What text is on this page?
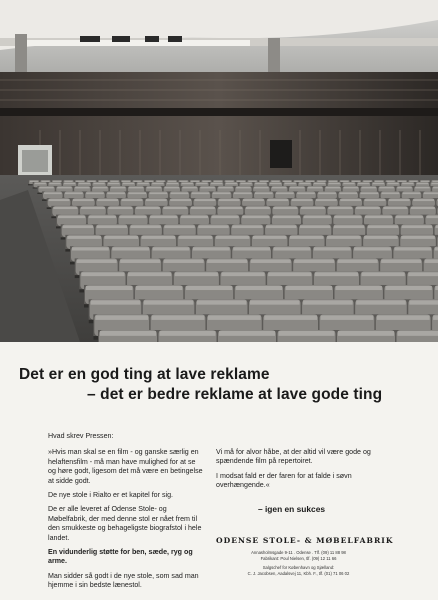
Det er en god ting at lave reklame
– det er bedre reklame at lave gode ting

Hvad skrev Pressen:

»Hvis man skal se en film - og ganske særlig en helaftensfilm - må man have mulighed for at se og høre godt, ligesom det må være en betingelse at sidde godt.

De nye stole i Rialto er et kapitel for sig.

De er alle leveret af Odense Stole- og Møbelfabrik, der med denne stol er nået frem til den smukkeste og behageligste biografstol i hele landet.

En vidunderlig støtte for ben, sæde, ryg og arme.

Man sidder så godt i de nye stole, som sad man hjemme i sin bedste lænestol.

Vi må for alvor håbe, at der altid vil være gode og spændende film på repertoiret.

I modsat fald er der faren for at falde i søvn overhængende.«

– igen en sukces
ODENSE STOLE- & MØBELFABRIK
Annasholmsgade 9-11 . Odense . Tlf. (09) 11 88 98
Fabrikant: Poul Nielsen, tlf. (09) 12 11 66
Salgschef for København og Sjælland:
C. J. Jacobsen, Aadalsvej 11, Kbh. F., tlf. (01) 71 06 02
